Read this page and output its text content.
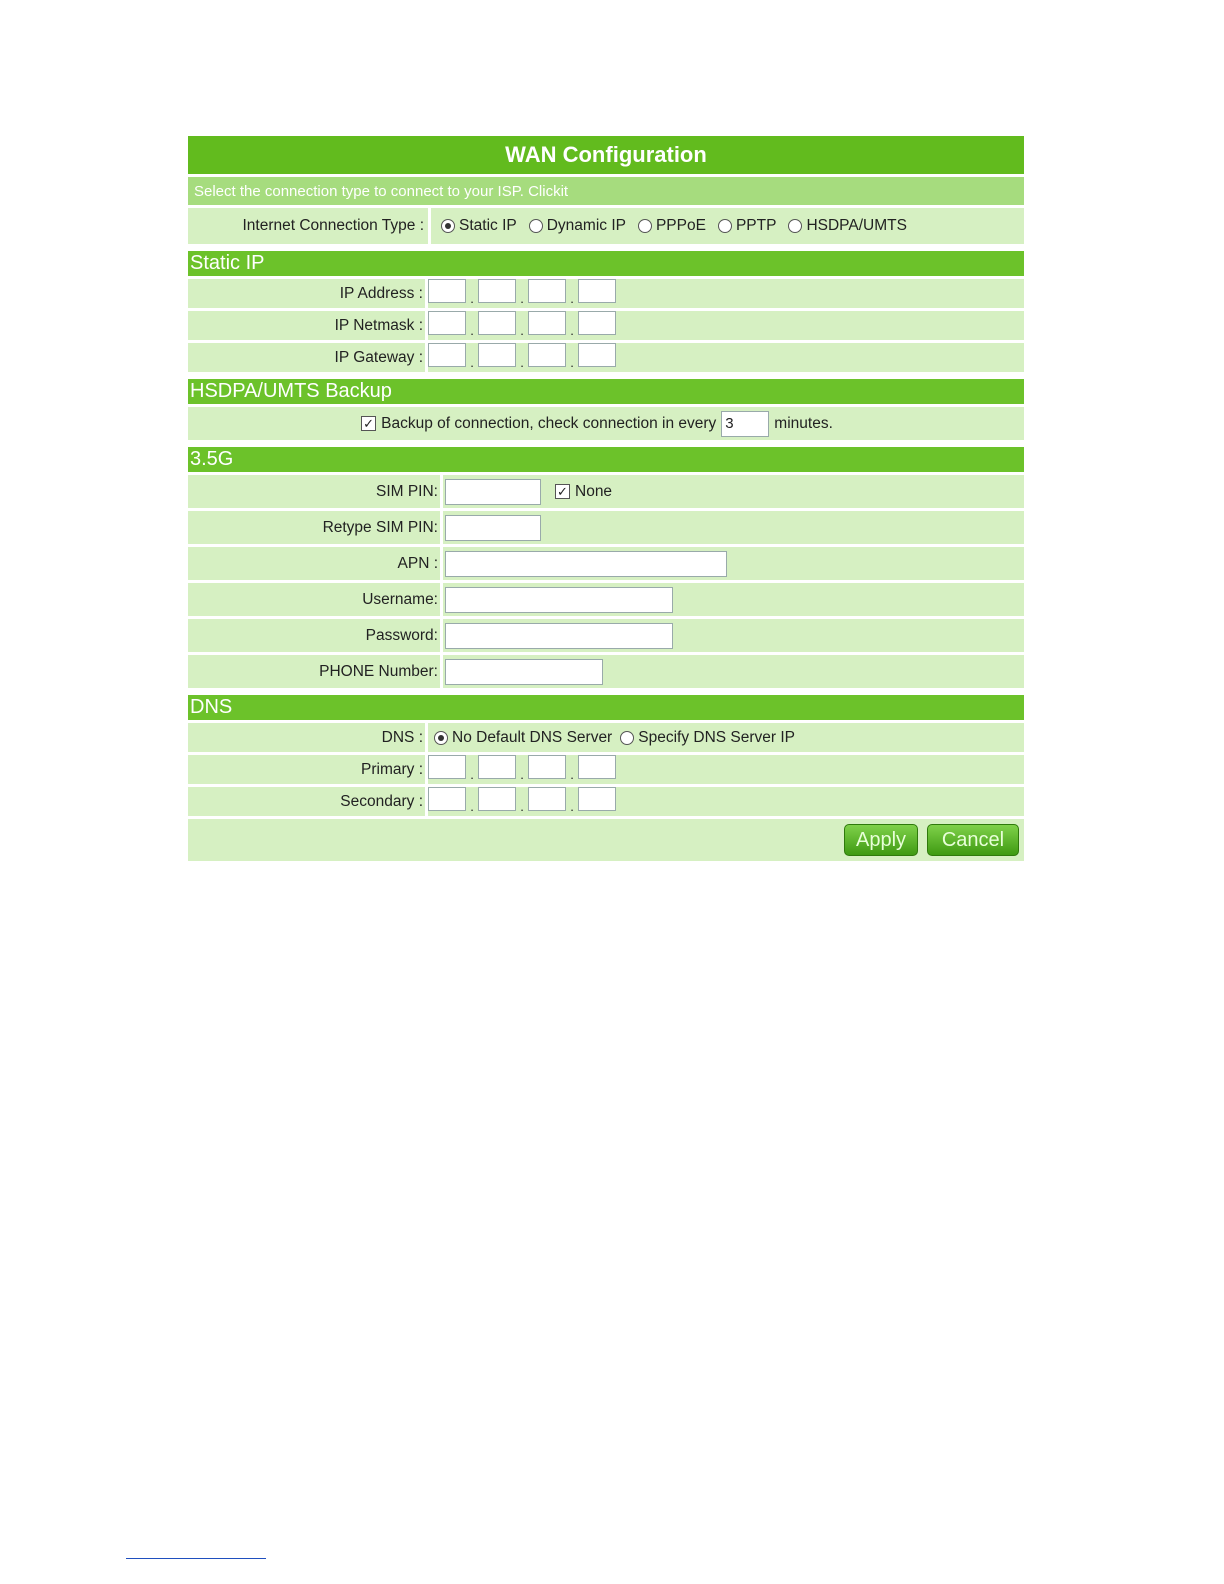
WAN Configuration
Select the connection type to connect to your ISP. Clickit
Internet Connection Type : Static IP Dynamic IP PPPoE PPTP HSDPA/UMTS
Static IP
IP Address :	.	.	.
IP Netmask :	.	.	.
IP Gateway :	.	.	.
HSDPA/UMTS Backup
✓ Backup of connection, check connection in every 3	minutes.
3.5G
SIM PIN:	✓ None
Retype SIM PIN:
APN :
Username:
Password:
PHONE Number:
DNS
DNS : No Default DNS Server Specify DNS Server IP
Primary :	.	.	.
Secondary :	.	.	.
Apply	Cancel
